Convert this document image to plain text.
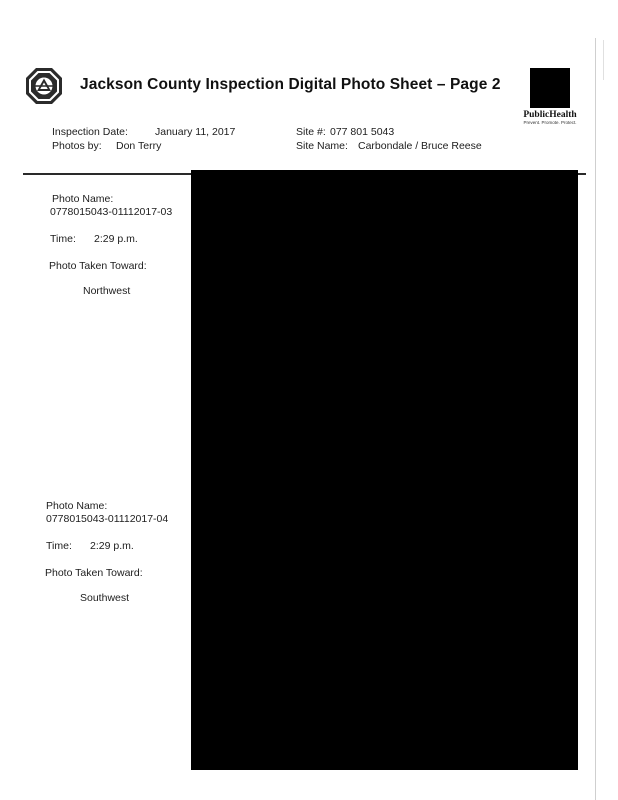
Jackson County Inspection Digital Photo Sheet – Page 2
PublicHealth
Prevent. Promote. Protect.
Inspection Date:	January 11, 2017
Photos by: Don Terry
Site #: 077 801 5043
Site Name: Carbondale / Bruce Reese
Photo Name:
0778015043-01112017-03
Time: 2:29 p.m.
Photo Taken Toward:
Northwest
Photo Name:
0778015043-01112017-04
Time: 2:29 p.m.
Photo Taken Toward:
Southwest
